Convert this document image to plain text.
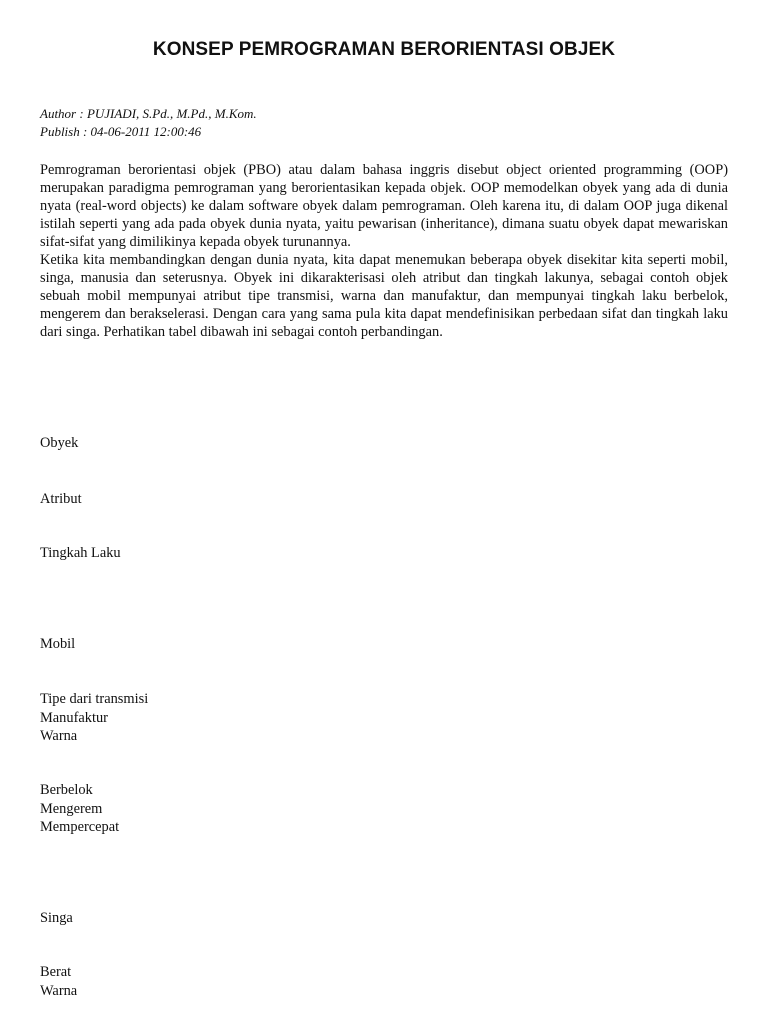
KONSEP PEMROGRAMAN BERORIENTASI OBJEK
Author : PUJIADI, S.Pd., M.Pd., M.Kom.
Publish : 04-06-2011 12:00:46

Pemrograman berorientasi objek (PBO) atau dalam bahasa inggris disebut object oriented programming (OOP) merupakan paradigma pemrograman yang berorientasikan kepada objek. OOP memodelkan obyek yang ada di dunia nyata (real-word objects) ke dalam software obyek dalam pemrograman. Oleh karena itu, di dalam OOP juga dikenal istilah seperti yang ada pada obyek dunia nyata, yaitu pewarisan (inheritance), dimana suatu obyek dapat mewariskan sifat-sifat yang dimilikinya kepada obyek turunannya.

Ketika kita membandingkan dengan dunia nyata, kita dapat menemukan beberapa obyek disekitar kita seperti mobil, singa, manusia dan seterusnya. Obyek ini dikarakterisasi oleh atribut dan tingkah lakunya, sebagai contoh objek sebuah mobil mempunyai atribut tipe transmisi, warna dan manufaktur, dan mempunyai tingkah laku berbelok, mengerem dan berakselerasi. Dengan cara yang sama pula kita dapat mendefinisikan perbedaan sifat dan tingkah laku dari singa. Perhatikan tabel dibawah ini sebagai contoh perbandingan.

Obyek
Atribut
Tingkah Laku
Mobil
Tipe dari transmisi
Manufaktur
Warna
Berbelok
Mengerem
Mempercepat
Singa
Berat
Warna
